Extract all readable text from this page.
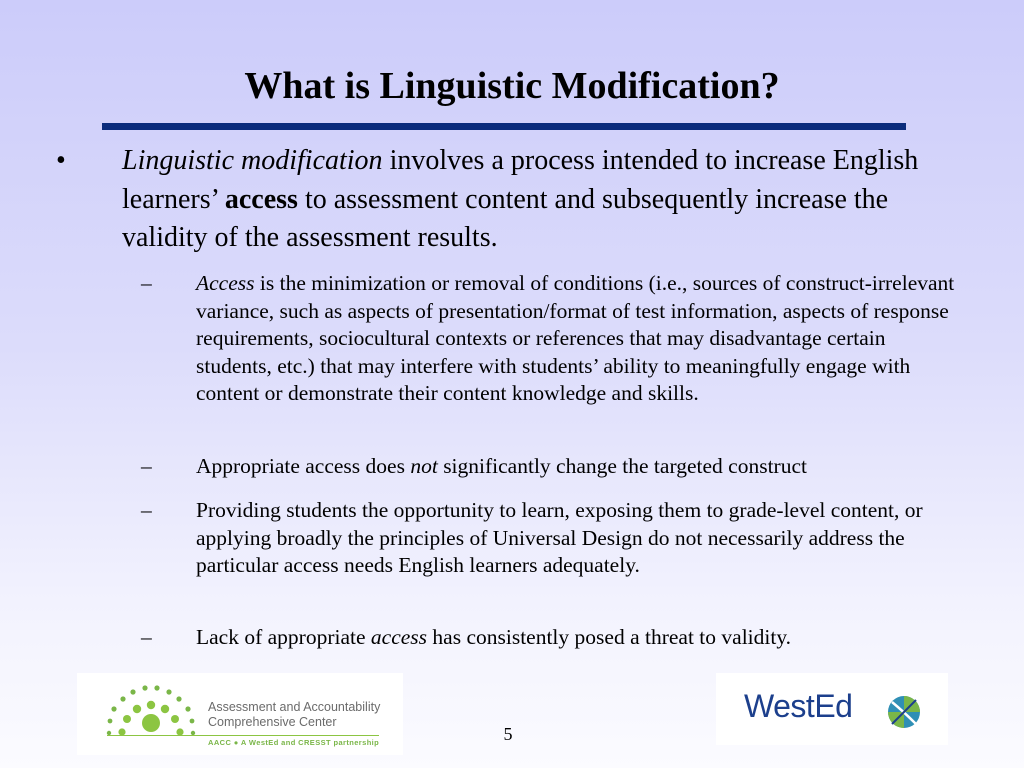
What is Linguistic Modification?
• Linguistic modification involves a process intended to increase English learners’ access to assessment content and subsequently increase the validity of the assessment results.
– Access is the minimization or removal of conditions (i.e., sources of construct-irrelevant variance, such as aspects of presentation/format of test information, aspects of response requirements, sociocultural contexts or references that may disadvantage certain students, etc.) that may interfere with students’ ability to meaningfully engage with content or demonstrate their content knowledge and skills.
– Appropriate access does not significantly change the targeted construct
– Providing students the opportunity to learn, exposing them to grade-level content, or applying broadly the principles of Universal Design do not necessarily address the particular access needs English learners adequately.
– Lack of appropriate access has consistently posed a threat to validity.
Assessment and Accountability
Comprehensive Center
AACC ● A WestEd and CRESST partnership	5
WestEd
